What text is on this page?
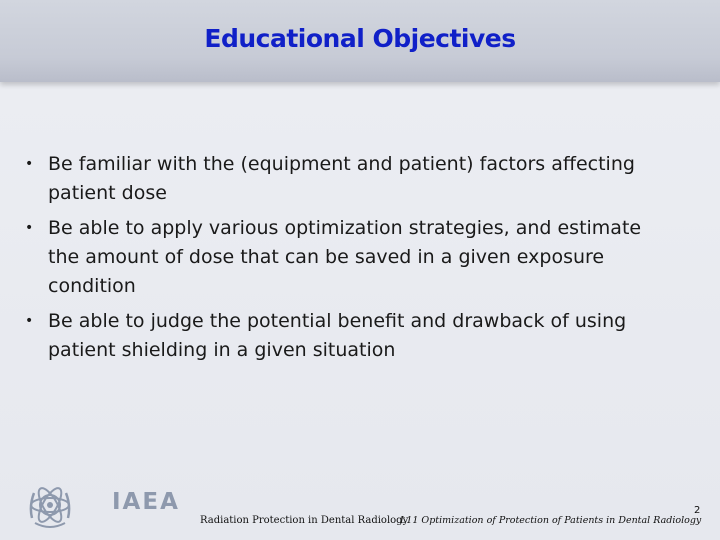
Educational Objectives
• Be familiar with the (equipment and patient) factors affecting patient dose
• Be able to apply various optimization strategies, and estimate the amount of dose that can be saved in a given exposure condition
• Be able to judge the potential benefit and drawback of using patient shielding in a given situation
IAEA
Radiation Protection in Dental Radiology
L11 Optimization of Protection of Patients in Dental Radiology
2
